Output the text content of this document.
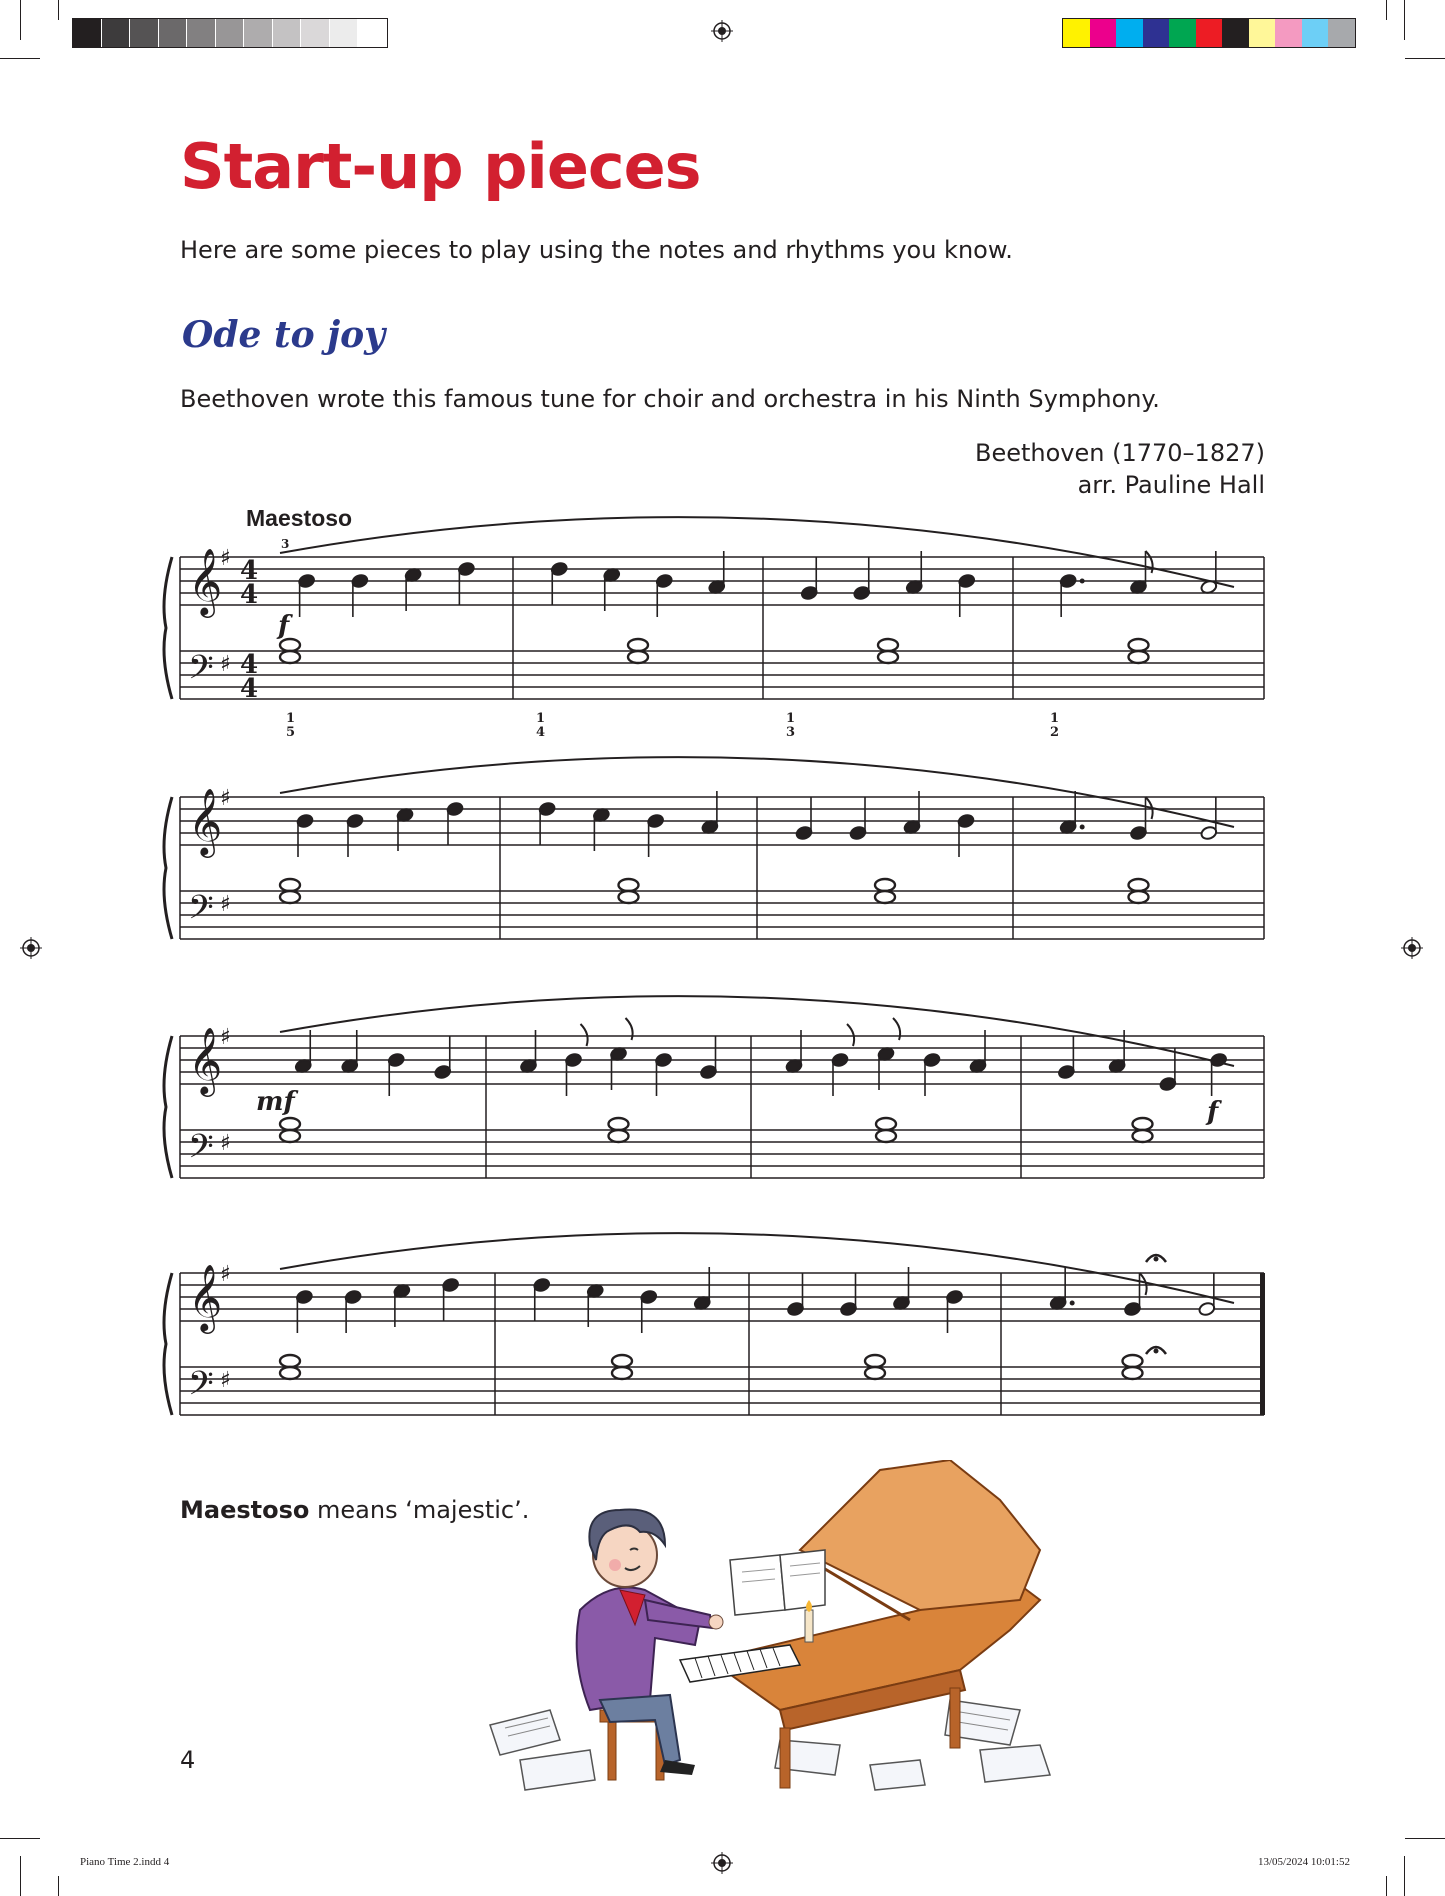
Start-up pieces
Here are some pieces to play using the notes and rhythms you know.
Ode to joy
Beethoven wrote this famous tune for choir and orchestra in his Ninth Symphony.
Beethoven (1770–1827)
arr. Pauline Hall
Maestoso
𝄞
𝄢
♯
♯
4
4
4
4
𝄞
𝄢
♯
♯
𝄞
𝄢
♯
♯
𝄞
𝄢
♯
♯
f
mf	f
3
1
5
1
4
1
3
1
2
Maestoso means ‘majestic’.
4
Piano Time 2.indd 4	13/05/2024 10:01:52
